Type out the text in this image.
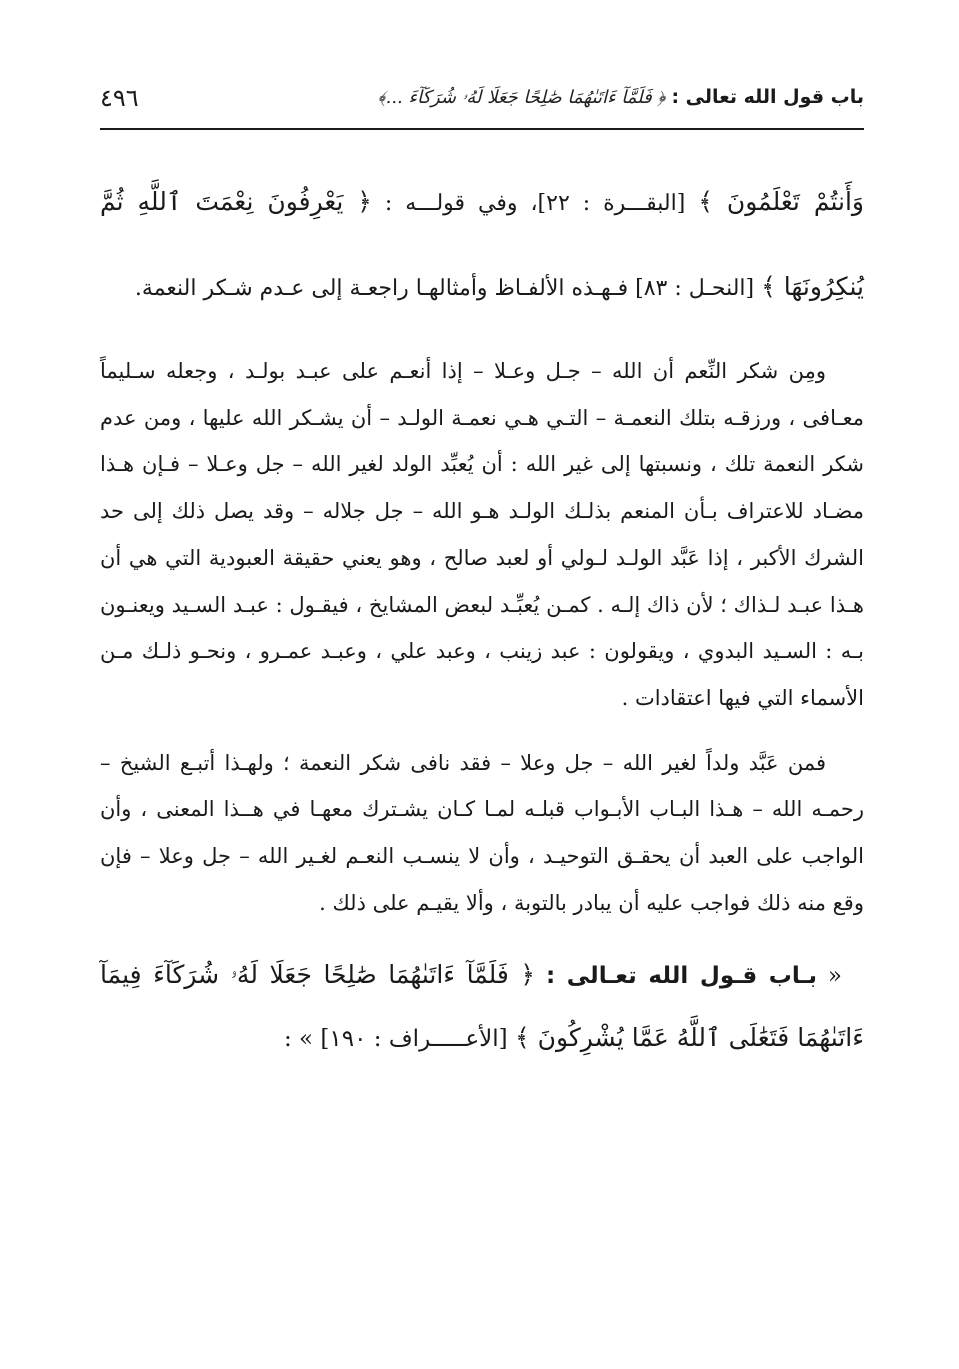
باب قول الله تعالى : ﴿ فَلَمَّآ ءَاتَىٰهُمَا صَٰلِحًا جَعَلَا لَهُۥ شُرَكَآءَ ...﴾
٤٩٦

وَأَنتُمْ تَعْلَمُونَ ﴾ [البقـــرة : ٢٢]، وفي قولـــه : ﴿ يَعْرِفُونَ نِعْمَتَ ٱللَّهِ ثُمَّ يُنكِرُونَهَا ﴾ [النحـل : ٨٣] فـهـذه الألفـاظ وأمثالهـا راجعـة إلى عـدم شـكر النعمة.

ومِن شكر النِّعم أن الله – جـل وعـلا – إذا أنعـم على عبـد بولـد ، وجعله سـليماً معـافى ، ورزقـه بتلك النعمـة – التـي هـي نعمـة الولـد – أن يشـكر الله عليها ، ومن عدم شكر النعمة تلك ، ونسبتها إلى غير الله : أن يُعبِّد الولد لغير الله – جل وعـلا – فـإن هـذا مضـاد للاعتراف بـأن المنعم بذلـك الولـد هـو الله – جل جلاله – وقد يصل ذلك إلى حد الشرك الأكبر ، إذا عَبَّد الولـد لـولي أو لعبد صالح ، وهو يعني حقيقة العبودية التي هي أن هـذا عبـد لـذاك ؛ لأن ذاك إلـه . كمـن يُعبِّـد لبعض المشايخ ، فيقـول : عبـد السـيد ويعنـون بـه : السـيد البدوي ، ويقولون : عبد زينب ، وعبد علي ، وعبـد عمـرو ، ونحـو ذلـك مـن الأسماء التي فيها اعتقادات .

فمن عَبَّد ولداً لغير الله – جل وعلا – فقد نافى شكر النعمة ؛ ولهـذا أتبـع الشيخ – رحمـه الله – هـذا البـاب الأبـواب قبلـه لمـا كـان يشـترك معهـا في هــذا المعنى ، وأن الواجب على العبد أن يحقـق التوحيـد ، وأن لا ينسـب النعـم لغـير الله – جل وعلا – فإن وقع منه ذلك فواجب عليه أن يبادر بالتوبة ، وألا يقيـم على ذلك .

« بـاب قـول الله تعـالى : ﴿ فَلَمَّآ ءَاتَىٰهُمَا صَٰلِحًا جَعَلَا لَهُۥ شُرَكَآءَ فِيمَآ ءَاتَىٰهُمَا فَتَعَٰلَى ٱللَّهُ عَمَّا يُشْرِكُونَ ﴾ [الأعـــــراف : ١٩٠] » :
